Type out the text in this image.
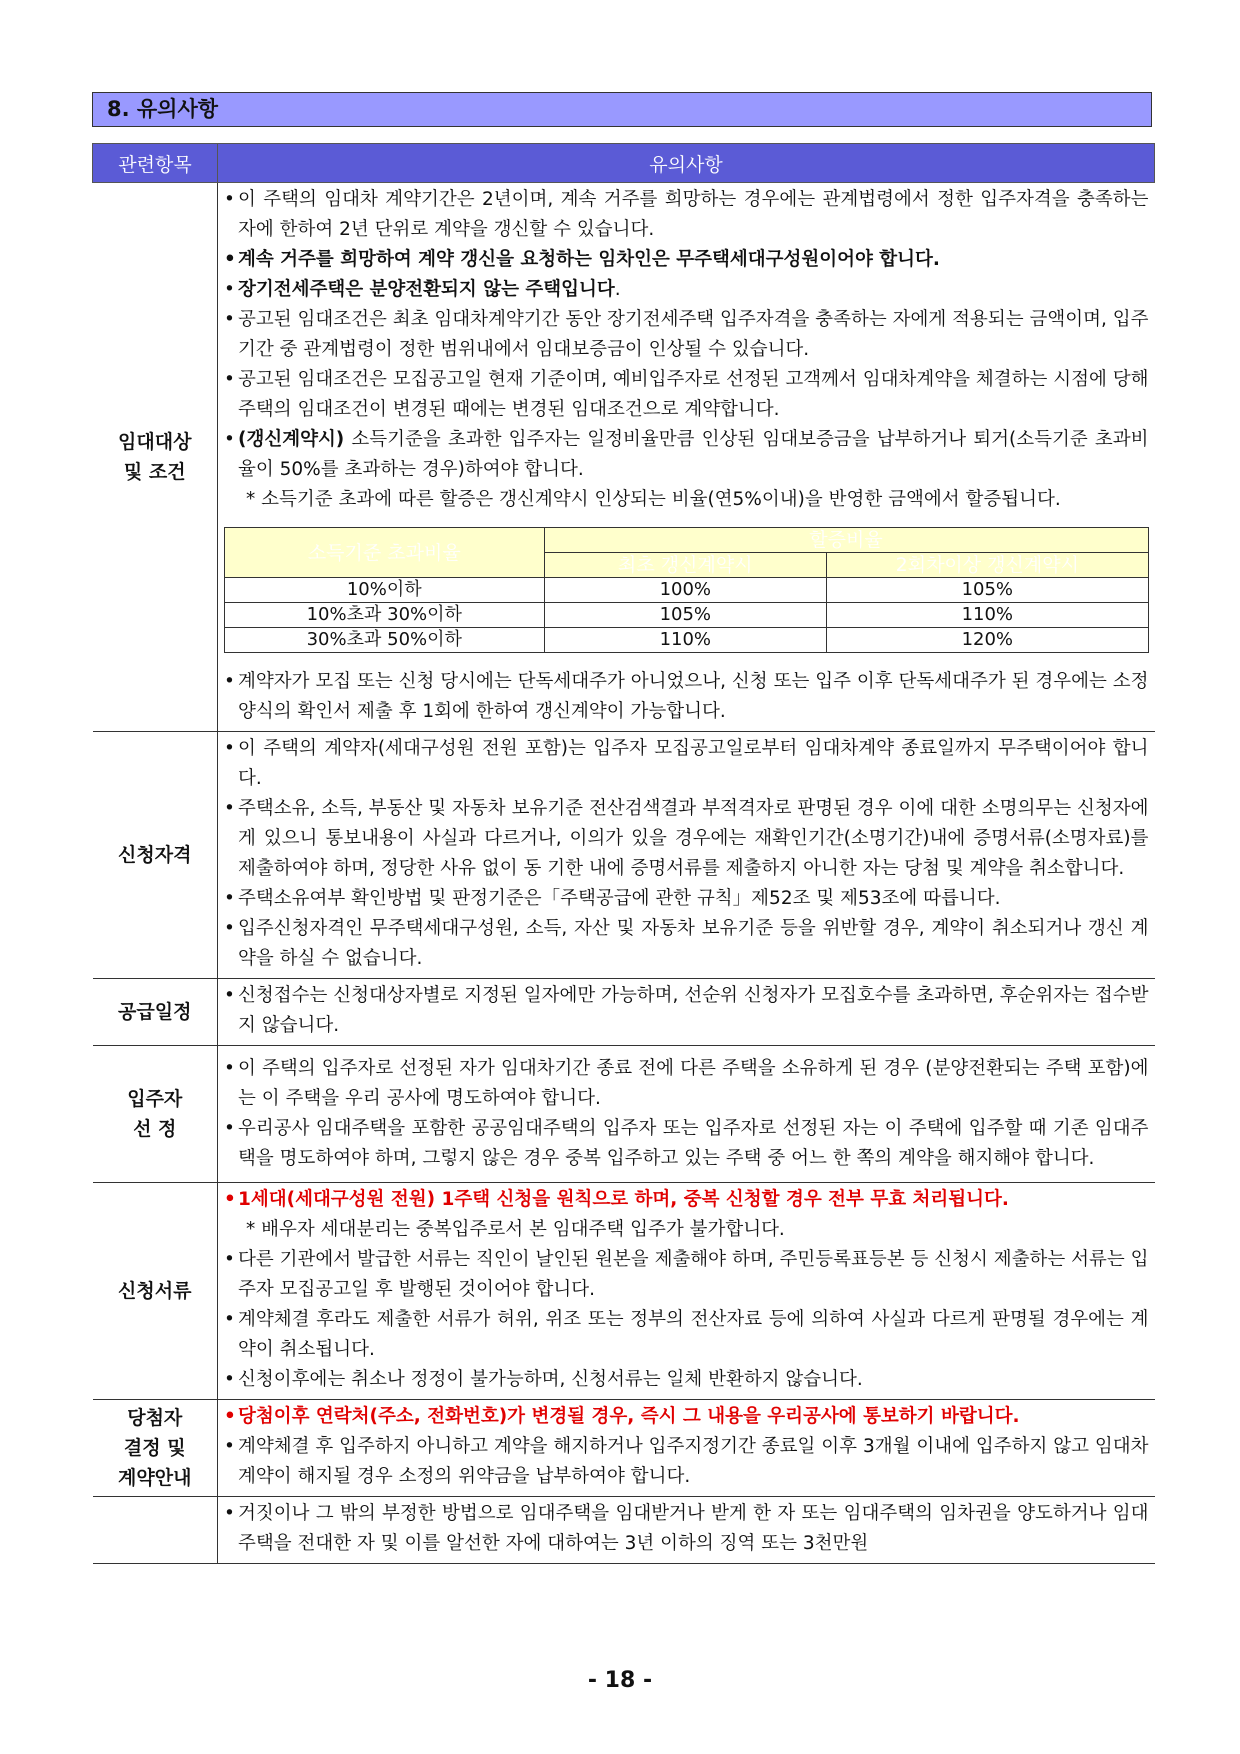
8. 유의사항
관련항목	유의사항

임대대상
및 조건

• 이 주택의 임대차 계약기간은 2년이며, 계속 거주를 희망하는 경우에는 관계법령에서 정한 입주자격을 충족하는 자에 한하여 2년 단위로 계약을 갱신할 수 있습니다.
• 계속 거주를 희망하여 계약 갱신을 요청하는 임차인은 무주택세대구성원이어야 합니다.
• 장기전세주택은 분양전환되지 않는 주택입니다.
• 공고된 임대조건은 최초 임대차계약기간 동안 장기전세주택 입주자격을 충족하는 자에게 적용되는 금액이며, 입주기간 중 관계법령이 정한 범위내에서 임대보증금이 인상될 수 있습니다.
• 공고된 임대조건은 모집공고일 현재 기준이며, 예비입주자로 선정된 고객께서 임대차계약을 체결하는 시점에 당해 주택의 임대조건이 변경된 때에는 변경된 임대조건으로 계약합니다.
• (갱신계약시) 소득기준을 초과한 입주자는 일정비율만큼 인상된 임대보증금을 납부하거나 퇴거(소득기준 초과비율이 50%를 초과하는 경우)하여야 합니다.
* 소득기준 초과에 따른 할증은 갱신계약시 인상되는 비율(연5%이내)을 반영한 금액에서 할증됩니다.
소득기준 초과비율	할증비율
최초 갱신계약시	2회차이상 갱신계약시
10%이하	100%	105%
10%초과 30%이하	105%	110%
30%초과 50%이하	110%	120%
• 계약자가 모집 또는 신청 당시에는 단독세대주가 아니었으나, 신청 또는 입주 이후 단독세대주가 된 경우에는 소정 양식의 확인서 제출 후 1회에 한하여 갱신계약이 가능합니다.

신청자격

• 이 주택의 계약자(세대구성원 전원 포함)는 입주자 모집공고일로부터 임대차계약 종료일까지 무주택이어야 합니다.
• 주택소유, 소득, 부동산 및 자동차 보유기준 전산검색결과 부적격자로 판명된 경우 이에 대한 소명의무는 신청자에게 있으니 통보내용이 사실과 다르거나, 이의가 있을 경우에는 재확인기간(소명기간)내에 증명서류(소명자료)를 제출하여야 하며, 정당한 사유 없이 동 기한 내에 증명서류를 제출하지 아니한 자는 당첨 및 계약을 취소합니다.
• 주택소유여부 확인방법 및 판정기준은「주택공급에 관한 규칙」제52조 및 제53조에 따릅니다.
• 입주신청자격인 무주택세대구성원, 소득, 자산 및 자동차 보유기준 등을 위반할 경우, 계약이 취소되거나 갱신 계약을 하실 수 없습니다.

공급일정

• 신청접수는 신청대상자별로 지정된 일자에만 가능하며, 선순위 신청자가 모집호수를 초과하면, 후순위자는 접수받지 않습니다.

입주자
선 정

• 이 주택의 입주자로 선정된 자가 임대차기간 종료 전에 다른 주택을 소유하게 된 경우 (분양전환되는 주택 포함)에는 이 주택을 우리 공사에 명도하여야 합니다.
• 우리공사 임대주택을 포함한 공공임대주택의 입주자 또는 입주자로 선정된 자는 이 주택에 입주할 때 기존 임대주택을 명도하여야 하며, 그렇지 않은 경우 중복 입주하고 있는 주택 중 어느 한 쪽의 계약을 해지해야 합니다.

신청서류

• 1세대(세대구성원 전원) 1주택 신청을 원칙으로 하며, 중복 신청할 경우 전부 무효 처리됩니다.
* 배우자 세대분리는 중복입주로서 본 임대주택 입주가 불가합니다.
• 다른 기관에서 발급한 서류는 직인이 날인된 원본을 제출해야 하며, 주민등록표등본 등 신청시 제출하는 서류는 입주자 모집공고일 후 발행된 것이어야 합니다.
• 계약체결 후라도 제출한 서류가 허위, 위조 또는 정부의 전산자료 등에 의하여 사실과 다르게 판명될 경우에는 계약이 취소됩니다.
• 신청이후에는 취소나 정정이 불가능하며, 신청서류는 일체 반환하지 않습니다.

당첨자
결정 및
계약안내

• 당첨이후 연락처(주소, 전화번호)가 변경될 경우, 즉시 그 내용을 우리공사에 통보하기 바랍니다.
• 계약체결 후 입주하지 아니하고 계약을 해지하거나 입주지정기간 종료일 이후 3개월 이내에 입주하지 않고 임대차계약이 해지될 경우 소정의 위약금을 납부하여야 합니다.

• 거짓이나 그 밖의 부정한 방법으로 임대주택을 임대받거나 받게 한 자 또는 임대주택의 임차권을 양도하거나 임대주택을 전대한 자 및 이를 알선한 자에 대하여는 3년 이하의 징역 또는 3천만원
- 18 -
